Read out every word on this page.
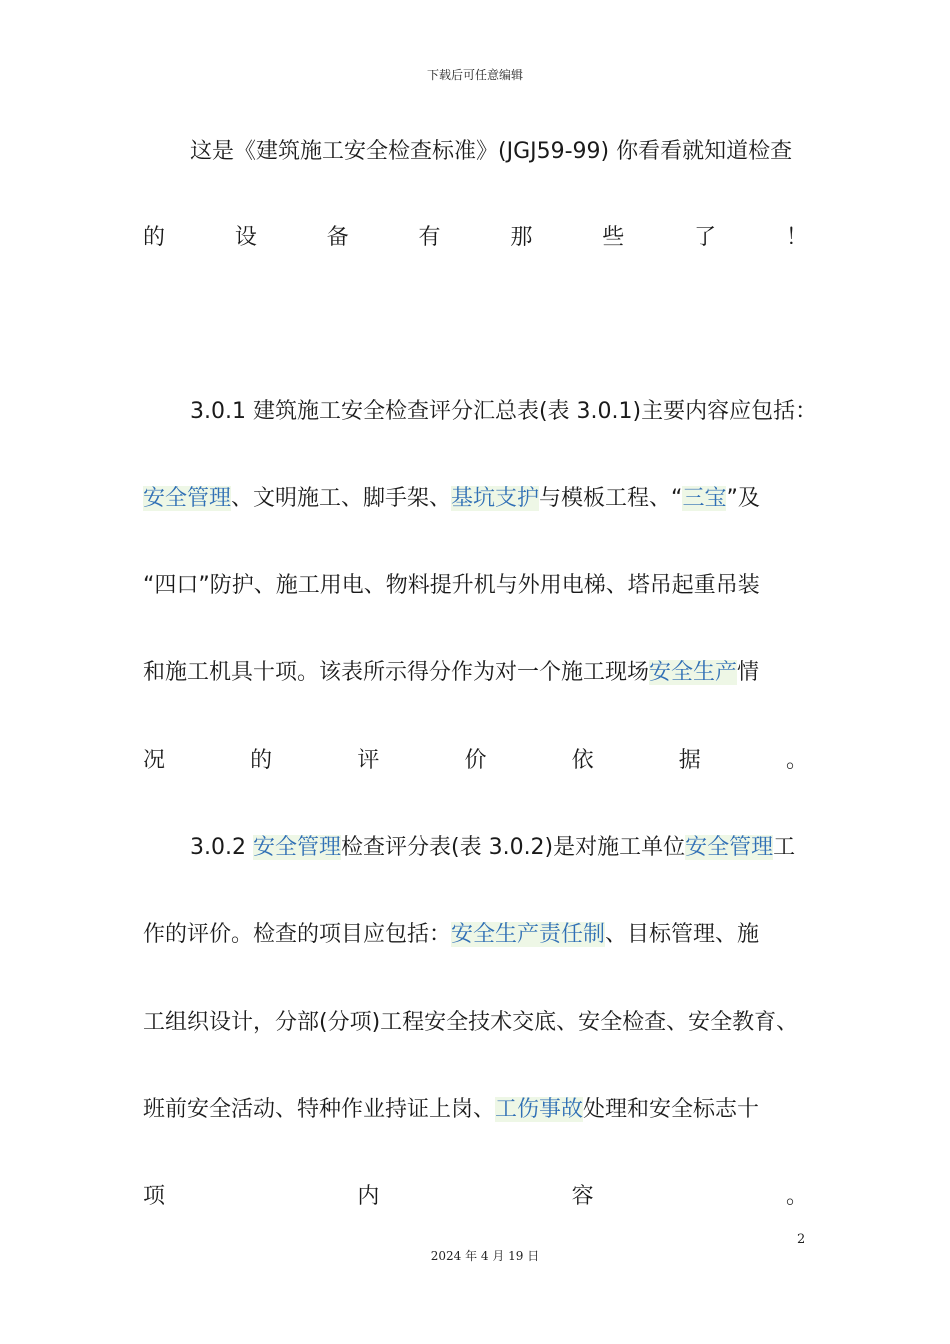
下载后可任意编辑
这是《建筑施工安全检查标准》(JGJ59-99) 你看看就知道检查
的	设	备	有	那	些	了	！
3.0.1 建筑施工安全检查评分汇总表(表 3.0.1)主要内容应包括：
安全管理、文明施工、脚手架、基坑支护与模板工程、“三宝”及
“四口”防护、施工用电、物料提升机与外用电梯、塔吊起重吊装
和施工机具十项。该表所示得分作为对一个施工现场安全生产情
况	的	评	价	依	据	。
3.0.2 安全管理检查评分表(表 3.0.2)是对施工单位安全管理工
作的评价。检查的项目应包括：安全生产责任制、目标管理、施
工组织设计，分部(分项)工程安全技术交底、安全检查、安全教育、
班前安全活动、特种作业持证上岗、工伤事故处理和安全标志十
项	内	容	。
2
2024 年 4 月 19 日
